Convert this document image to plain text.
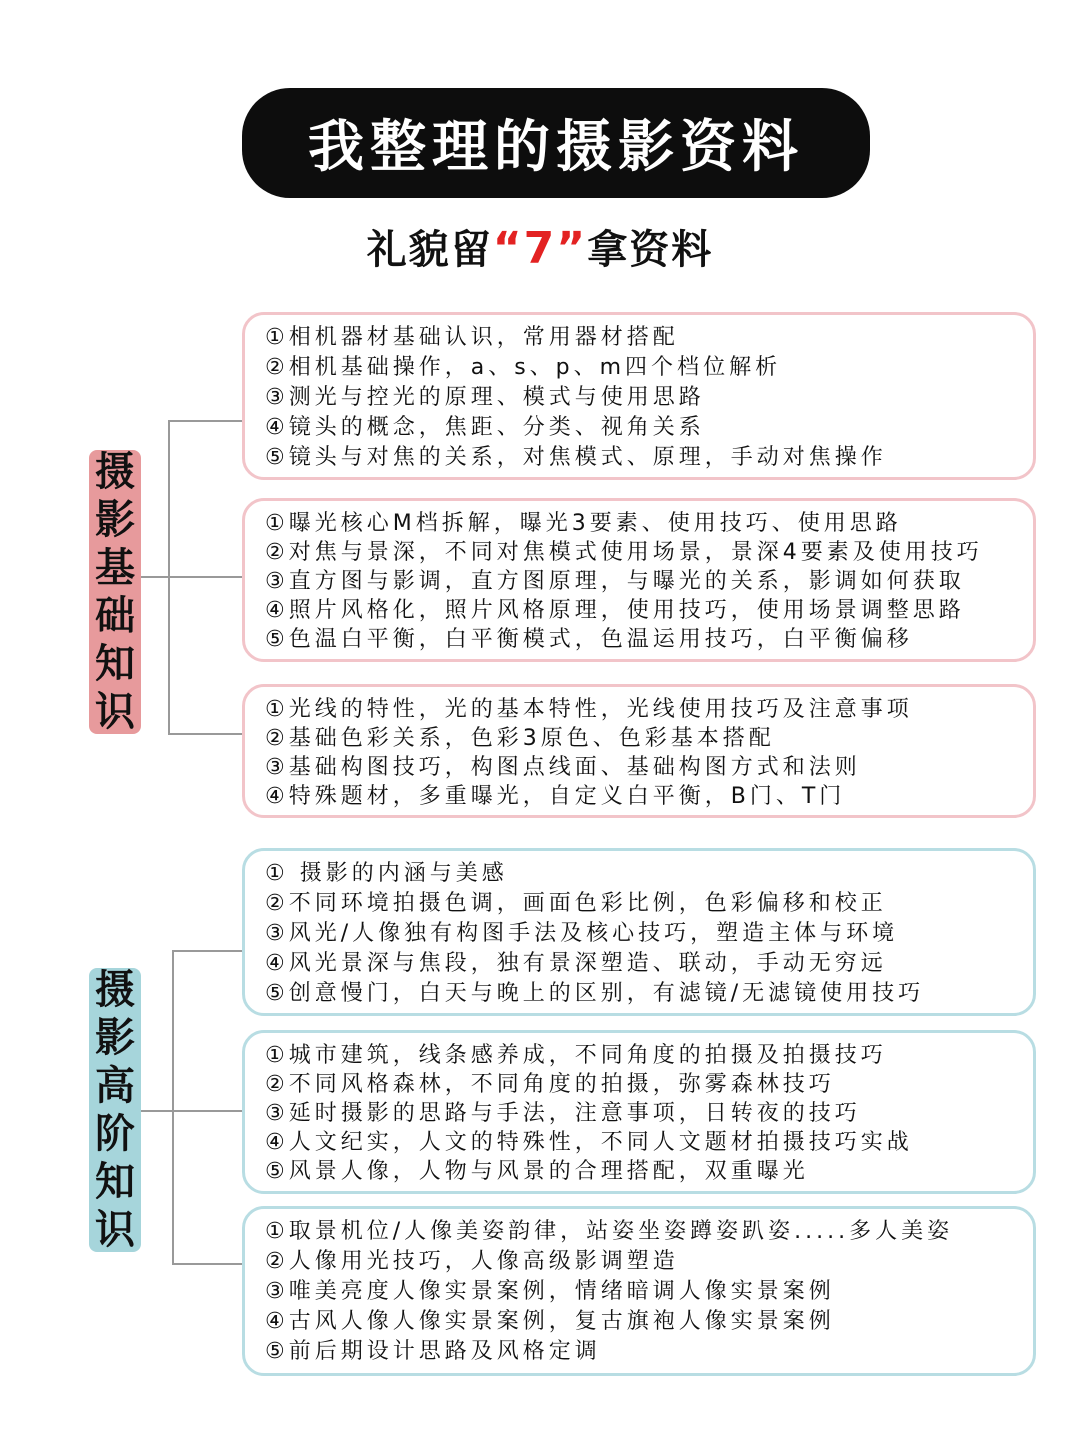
我整理的摄影资料
礼貌留“7”拿资料
摄
影
基
础
知
识
①相机器材基础认识，常用器材搭配
②相机基础操作，a、s、p、m四个档位解析
③测光与控光的原理、模式与使用思路
④镜头的概念，焦距、分类、视角关系
⑤镜头与对焦的关系，对焦模式、原理，手动对焦操作
①曝光核心M档拆解，曝光3要素、使用技巧、使用思路
②对焦与景深，不同对焦模式使用场景，景深4要素及使用技巧
③直方图与影调，直方图原理，与曝光的关系，影调如何获取
④照片风格化，照片风格原理，使用技巧，使用场景调整思路
⑤色温白平衡，白平衡模式，色温运用技巧，白平衡偏移
①光线的特性，光的基本特性，光线使用技巧及注意事项
②基础色彩关系，色彩3原色、色彩基本搭配
③基础构图技巧，构图点线面、基础构图方式和法则
④特殊题材，多重曝光，自定义白平衡，B门、T门
摄
影
高
阶
知
识
① 摄影的内涵与美感
②不同环境拍摄色调，画面色彩比例，色彩偏移和校正
③风光/人像独有构图手法及核心技巧，塑造主体与环境
④风光景深与焦段，独有景深塑造、联动，手动无穷远
⑤创意慢门，白天与晚上的区别，有滤镜/无滤镜使用技巧
①城市建筑，线条感养成，不同角度的拍摄及拍摄技巧
②不同风格森林，不同角度的拍摄，弥雾森林技巧
③延时摄影的思路与手法，注意事项，日转夜的技巧
④人文纪实，人文的特殊性，不同人文题材拍摄技巧实战
⑤风景人像，人物与风景的合理搭配，双重曝光
①取景机位/人像美姿韵律，站姿坐姿蹲姿趴姿.....多人美姿
②人像用光技巧，人像高级影调塑造
③唯美亮度人像实景案例，情绪暗调人像实景案例
④古风人像人像实景案例，复古旗袍人像实景案例
⑤前后期设计思路及风格定调
